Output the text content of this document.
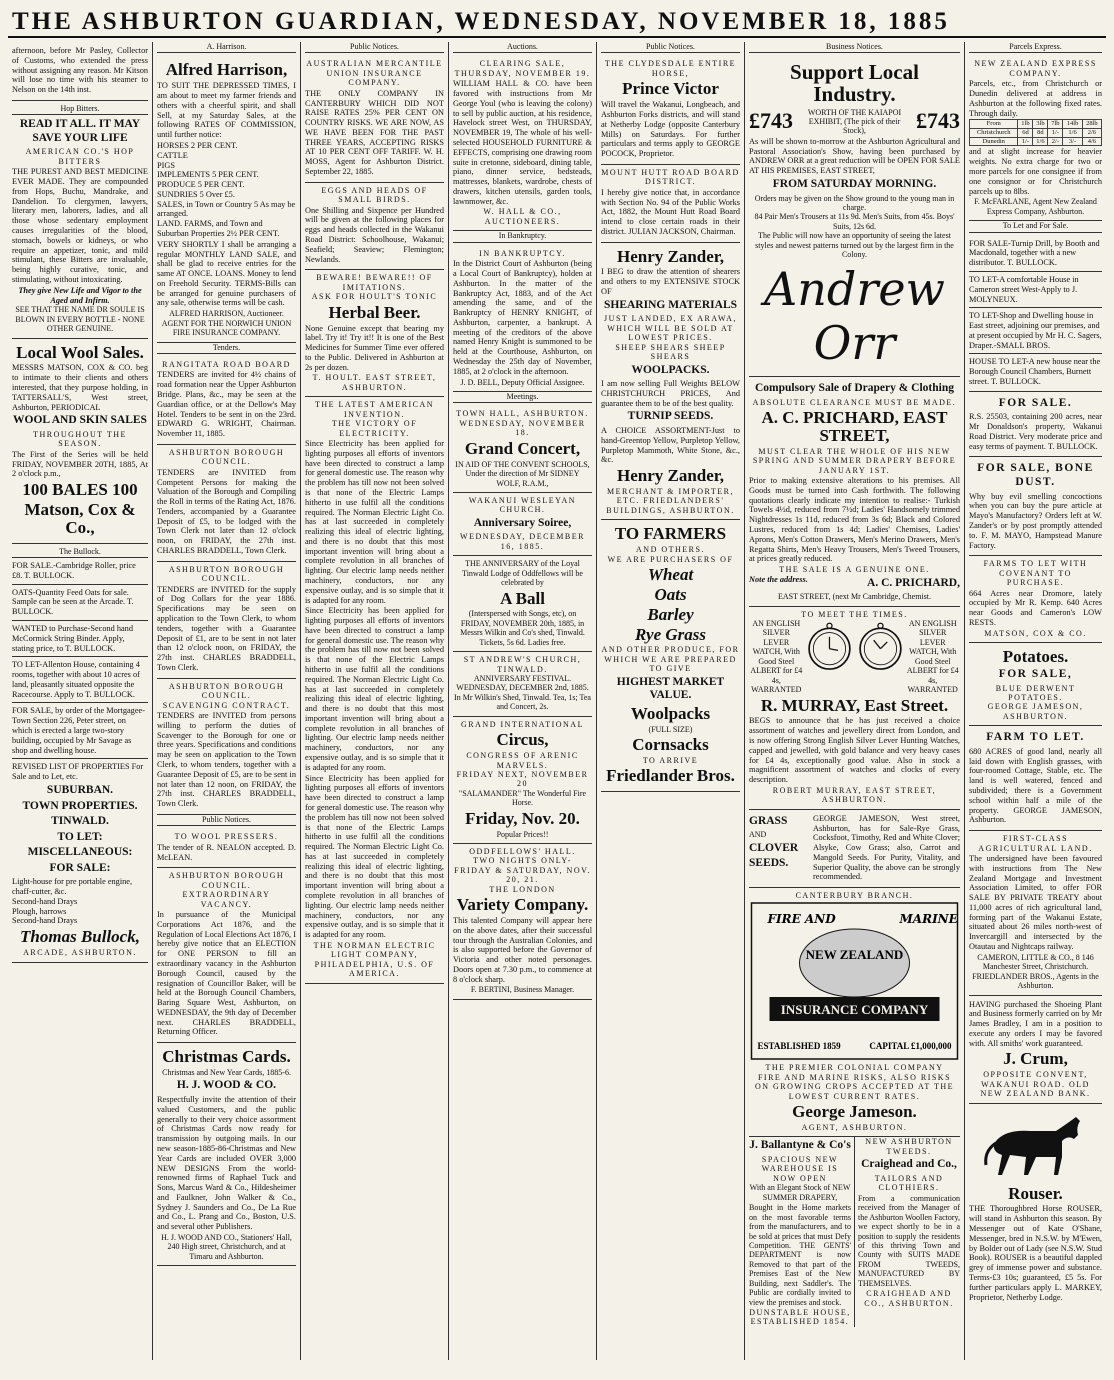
THE ASHBURTON GUARDIAN, WEDNESDAY, NOVEMBER 18, 1885

afternoon, before Mr Pasley, Collector of Customs, who extended the press without assigning any reason. Mr Kitson will lose no time with his steamer to Nelson on the 14th inst.

Hop Bitters.
READ IT ALL. IT MAY SAVE YOUR LIFE
AMERICAN CO.'S HOP BITTERS

THE PUREST AND BEST MEDICINE EVER MADE. They are compounded from Hops, Buchu, Mandrake, and Dandelion. To clergymen, lawyers, literary men, laborers, ladies, and all those whose sedentary employment causes irregularities of the blood, stomach, bowels or kidneys, or who require an appetizer, tonic, and mild stimulant, these Bitters are invaluable, being highly curative, tonic, and stimulating, without intoxicating.

They give New Life and Vigor to the Aged and Infirm.
SEE THAT THE NAME DR SOULE IS BLOWN IN EVERY BOTTLE - NONE OTHER GENUINE.
Local Wool Sales.

MESSRS MATSON, COX & CO. beg to intimate to their clients and others interested, that they purpose holding, in TATTERSALL'S, West street, Ashburton, PERIODICAL

WOOL AND SKIN SALES
THROUGHOUT THE SEASON.

The First of the Series will be held FRIDAY, NOVEMBER 20TH, 1885, At 2 o'clock p.m.,

100 BALES 100
Matson, Cox & Co.,
The Bullock.
FOR SALE.-Cambridge Roller, price £8. T. BULLOCK.
OATS-Quantity Feed Oats for sale. Sample can be seen at the Arcade. T. BULLOCK.
WANTED to Purchase-Second hand McCormick String Binder. Apply, stating price, to T. BULLOCK.
TO LET-Allenton House, containing 4 rooms, together with about 10 acres of land, pleasantly situated opposite the Racecourse. Apply to T. BULLOCK.
FOR SALE, by order of the Mortgagee-Town Section 226, Peter street, on which is erected a large two-story building, occupied by Mr Savage as shop and dwelling house.
REVISED LIST OF PROPERTIES For Sale and to Let, etc.
SUBURBAN.
TOWN PROPERTIES.
TINWALD.
TO LET:
MISCELLANEOUS:
FOR SALE:
Light-house for pre portable engine, chaff-cutter, &c.
Second-hand Drays
Plough, harrows
Second-hand Drays
Thomas Bullock,
ARCADE, ASHBURTON.
A. Harrison.
Alfred Harrison,

TO SUIT THE DEPRESSED TIMES, I am about to meet my farmer friends and others with a cheerful spirit, and shall Sell, at my Saturday Sales, at the following RATES OF COMMISSION, until further notice:

HORSES 2 PER CENT.
CATTLE
PIGS
IMPLEMENTS 5 PER CENT.
PRODUCE 5 PER CENT.
SUNDRIES 5 Over £5.
SALES, in Town or Country 5 As may be arranged.
LAND. FARMS, and Town and Suburban Properties 2½ PER CENT.

VERY SHORTLY I shall be arranging a regular MONTHLY LAND SALE, and shall be glad to receive entries for the same AT ONCE. LOANS. Money to lend on Freehold Security. TERMS-Bills can be arranged for genuine purchasers of any sale, otherwise terms will be cash.

ALFRED HARRISON, Auctioneer. AGENT FOR THE NORWICH UNION FIRE INSURANCE COMPANY.
Tenders.
RANGITATA ROAD BOARD

TENDERS are invited for 4½ chains of road formation near the Upper Ashburton Bridge. Plans, &c., may be seen at the Guardian office, or at the Dellow's May Hotel. Tenders to be sent in on the 23rd. EDWARD G. WRIGHT, Chairman. November 11, 1885.

ASHBURTON BOROUGH COUNCIL.

TENDERS are INVITED from Competent Persons for making the Valuation of the Borough and Compiling the Roll in terms of the Rating Act, 1876. Tenders, accompanied by a Guarantee Deposit of £5, to be lodged with the Town Clerk not later than 12 o'clock noon, on FRIDAY, the 27th inst. CHARLES BRADDELL, Town Clerk.

ASHBURTON BOROUGH COUNCIL.

TENDERS are INVITED for the supply of Dog Collars for the year 1886. Specifications may be seen on application to the Town Clerk, to whom tenders, together with a Guarantee Deposit of £1, are to be sent in not later than 12 o'clock noon, on FRIDAY, the 27th inst. CHARLES BRADDELL, Town Clerk.

ASHBURTON BOROUGH COUNCIL.
SCAVENGING CONTRACT.

TENDERS are INVITED from persons willing to perform the duties of Scavenger to the Borough for one or three years. Specifications and conditions may be seen on application to the Town Clerk, to whom tenders, together with a Guarantee Deposit of £5, are to be sent in not later than 12 noon, on FRIDAY, the 27th inst. CHARLES BRADDELL, Town Clerk.

Public Notices.
TO WOOL PRESSERS.

The tender of R. NEALON accepted. D. McLEAN.

ASHBURTON BOROUGH COUNCIL. EXTRAORDINARY VACANCY.

In pursuance of the Municipal Corporations Act 1876, and the Regulation of Local Elections Act 1876, I hereby give notice that an ELECTION for ONE PERSON to fill an extraordinary vacancy in the Ashburton Borough Council, caused by the resignation of Councillor Baker, will be held at the Borough Council Chambers, Baring Square West, Ashburton, on WEDNESDAY, the 9th day of December next. CHARLES BRADDELL, Returning Officer.

Christmas Cards.
Christmas and New Year Cards, 1885-6.
H. J. WOOD & CO.

Respectfully invite the attention of their valued Customers, and the public generally to their very choice assortment of Christmas Cards now ready for transmission by outgoing mails. In our new season-1885-86-Christmas and New Year Cards are included OVER 3,000 NEW DESIGNS From the world-renowned firms of Raphael Tuck and Sons, Marcus Ward & Co., Hildesheimer and Faulkner, John Walker & Co., Sydney J. Saunders and Co., De La Rue and Co., L. Prang and Co., Boston, U.S. and several other Publishers.

H. J. WOOD AND CO., Stationers' Hall, 240 High street, Christchurch, and at Timaru and Ashburton.
Public Notices.
AUSTRALIAN MERCANTILE UNION INSURANCE COMPANY.

THE ONLY COMPANY IN CANTERBURY WHICH DID NOT RAISE RATES 25% PER CENT ON COUNTRY RISKS. WE ARE NOW, AS WE HAVE BEEN FOR THE PAST THREE YEARS, ACCEPTING RISKS AT 10 PER CENT OFF TARIFF. W. H. MOSS, Agent for Ashburton District. September 22, 1885.

EGGS AND HEADS OF SMALL BIRDS.

One Shilling and Sixpence per Hundred will be given at the following places for eggs and heads collected in the Wakanui Road District: Schoolhouse, Wakanui; Seafield; Seaview; Flemington; Newlands.

BEWARE! BEWARE!! OF IMITATIONS.
ASK FOR HOULT'S TONIC
Herbal Beer.

None Genuine except that bearing my label. Try it! Try it!! It is one of the Best Medicines for Summer Time ever offered to the Public. Delivered in Ashburton at 2s per dozen.

T. HOULT. EAST STREET, ASHBURTON.
THE LATEST AMERICAN INVENTION.
THE VICTORY OF ELECTRICITY.

Since Electricity has been applied for lighting purposes all efforts of inventors have been directed to construct a lamp for general domestic use. The reason why the problem has till now not been solved is that none of the Electric Lamps hitherto in use fulfil all the conditions required. The Norman Electric Light Co. has at last succeeded in completely realizing this ideal of electric lighting, and there is no doubt that this most important invention will bring about a complete revolution in all branches of lighting. Our electric lamp needs neither machinery, conductors, nor any expensive outlay, and is so simple that it is adapted for any room.

Since Electricity has been applied for lighting purposes all efforts of inventors have been directed to construct a lamp for general domestic use. The reason why the problem has till now not been solved is that none of the Electric Lamps hitherto in use fulfil all the conditions required. The Norman Electric Light Co. has at last succeeded in completely realizing this ideal of electric lighting, and there is no doubt that this most important invention will bring about a complete revolution in all branches of lighting. Our electric lamp needs neither machinery, conductors, nor any expensive outlay, and is so simple that it is adapted for any room.

Since Electricity has been applied for lighting purposes all efforts of inventors have been directed to construct a lamp for general domestic use. The reason why the problem has till now not been solved is that none of the Electric Lamps hitherto in use fulfil all the conditions required. The Norman Electric Light Co. has at last succeeded in completely realizing this ideal of electric lighting, and there is no doubt that this most important invention will bring about a complete revolution in all branches of lighting. Our electric lamp needs neither machinery, conductors, nor any expensive outlay, and is so simple that it is adapted for any room.

THE NORMAN ELECTRIC LIGHT COMPANY, PHILADELPHIA, U.S. OF AMERICA.
Auctions.
CLEARING SALE,
THURSDAY, NOVEMBER 19.

WILLIAM HALL & CO. have been favored with instructions from Mr George Youl (who is leaving the colony) to sell by public auction, at his residence, Havelock street West, on THURSDAY, NOVEMBER 19, The whole of his well-selected HOUSEHOLD FURNITURE & EFFECTS, comprising one drawing room suite in cretonne, sideboard, dining table, piano, dinner service, bedsteads, mattresses, blankets, wardrobe, chests of drawers, kitchen utensils, garden tools, lawnmower, &c.

W. HALL & CO., AUCTIONEERS.
In Bankruptcy.
IN BANKRUPTCY.

In the District Court of Ashburton (being a Local Court of Bankruptcy), holden at Ashburton. In the matter of the Bankruptcy Act, 1883, and of the Act amending the same, and of the Bankruptcy of HENRY KNIGHT, of Ashburton, carpenter, a bankrupt. A meeting of the creditors of the above named Henry Knight is summoned to be held at the Courthouse, Ashburton, on Wednesday the 25th day of November, 1885, at 2 o'clock in the afternoon.

J. D. BELL, Deputy Official Assignee.
Meetings.
TOWN HALL, ASHBURTON.
WEDNESDAY, NOVEMBER 18.
Grand Concert,
IN AID OF THE CONVENT SCHOOLS, Under the direction of Mr SIDNEY WOLF, R.A.M.,
WAKANUI WESLEYAN CHURCH.
Anniversary Soiree,
WEDNESDAY, DECEMBER 16, 1885.
THE ANNIVERSARY of the Loyal Tinwald Lodge of Oddfellows will be celebrated by
A Ball
(Interspersed with Songs, etc), on FRIDAY, NOVEMBER 20th, 1885, in Messrs Wilkin and Co's shed, Tinwald. Tickets, 5s 6d. Ladies free.
ST ANDREW'S CHURCH, TINWALD.
ANNIVERSARY FESTIVAL. WEDNESDAY, DECEMBER 2nd, 1885. In Mr Wilkin's Shed, Tinwald. Tea, 1s; Tea and Concert, 2s.
GRAND INTERNATIONAL
Circus,
CONGRESS OF ARENIC MARVELS.
FRIDAY NEXT, NOVEMBER 20
"SALAMANDER" The Wonderful Fire Horse.
Friday, Nov. 20.
Popular Prices!!
ODDFELLOWS' HALL.
TWO NIGHTS ONLY- FRIDAY & SATURDAY, NOV. 20, 21.
THE LONDON
Variety Company.

This talented Company will appear here on the above dates, after their successful tour through the Australian Colonies, and is also supported before the Governor of Victoria and other noted personages. Doors open at 7.30 p.m., to commence at 8 o'clock sharp.

F. BERTINI, Business Manager.
Public Notices.
THE CLYDESDALE ENTIRE HORSE,
Prince Victor

Will travel the Wakanui, Longbeach, and Ashburton Forks districts, and will stand at Netherby Lodge (opposite Canterbury Mills) on Saturdays. For further particulars and terms apply to GEORGE POCOCK, Proprietor.

MOUNT HUTT ROAD BOARD DISTRICT.

I hereby give notice that, in accordance with Section No. 94 of the Public Works Act, 1882, the Mount Hutt Road Board intend to close certain roads in their district. JULIAN JACKSON, Chairman.

Henry Zander,

I BEG to draw the attention of shearers and others to my EXTENSIVE STOCK OF

SHEARING MATERIALS
JUST LANDED, EX ARAWA, WHICH WILL BE SOLD AT LOWEST PRICES.
SHEEP SHEARS SHEEP SHEARS
WOOLPACKS.

I am now selling Full Weights BELOW CHRISTCHURCH PRICES, And guarantee them to be of the best quality.

TURNIP SEEDS.

A CHOICE ASSORTMENT-Just to hand-Greentop Yellow, Purpletop Yellow, Purpletop Mammoth, White Stone, &c., &c.

Henry Zander,
MERCHANT & IMPORTER, ETC. FRIEDLANDERS' BUILDINGS, ASHBURTON.
TO FARMERS
AND OTHERS.
WE ARE PURCHASERS OF
Wheat
Oats
Barley
Rye Grass
AND OTHER PRODUCE, FOR WHICH WE ARE PREPARED TO GIVE
HIGHEST MARKET VALUE.
Woolpacks
(FULL SIZE)
Cornsacks
TO ARRIVE
Friedlander Bros.
Business Notices.
Support Local Industry.
£743	WORTH OF THE KAIAPOI EXHIBIT, (The pick of their Stock),	£743

As will be shown to-morrow at the Ashburton Agricultural and Pastoral Association's Show, having been purchased by ANDREW ORR at a great reduction will be OPEN FOR SALE AT HIS PREMISES, EAST STREET,

FROM SATURDAY MORNING.
Orders may be given on the Show ground to the young man in charge.
84 Pair Men's Trousers at 11s 9d. Men's Suits, from 45s. Boys' Suits, 12s 6d.
The Public will now have an opportunity of seeing the latest styles and newest patterns turned out by the largest firm in the Colony.
Andrew Orr
Compulsory Sale of Drapery & Clothing
ABSOLUTE CLEARANCE MUST BE MADE.
A. C. PRICHARD, EAST STREET,
MUST CLEAR THE WHOLE OF HIS NEW SPRING AND SUMMER DRAPERY BEFORE JANUARY 1ST.

Prior to making extensive alterations to his premises. All Goods must be turned into Cash forthwith. The following quotations clearly indicate my intention to realise:- Turkish Towels 4½d, reduced from 7½d; Ladies' Handsomely trimmed Nightdresses 1s 11d, reduced from 3s 6d; Black and Colored Lustres, reduced from 1s 4d; Ladies' Chemises, Ladies' Aprons, Men's Cotton Drawers, Men's Merino Drawers, Men's Regatta Shirts, Men's Heavy Trousers, Men's Tweed Trousers, at prices greatly reduced.

THE SALE IS A GENUINE ONE.
Note the address.	A. C. PRICHARD,
EAST STREET, (next Mr Cambridge, Chemist.
TO MEET THE TIMES.
AN ENGLISH SILVER LEVER WATCH, With Good Steel ALBERT for £4 4s, WARRANTED
AN ENGLISH SILVER LEVER WATCH, With Good Steel ALBERT for £4 4s, WARRANTED
R. MURRAY, East Street.

BEGS to announce that he has just received a choice assortment of watches and jewellery direct from London, and is now offering Strong English Silver Lever Hunting Watches, capped and jewelled, with gold balance and very heavy cases for £4 4s, exceptionally good value. Also in stock a magnificent assortment of watches and clocks of every description.

ROBERT MURRAY, EAST STREET, ASHBURTON.
GRASS
AND
CLOVER
SEEDS.

GEORGE JAMESON, West street, Ashburton, has for Sale-Rye Grass, Cocksfoot, Timothy, Red and White Clover; Alsyke, Cow Grass; also, Carrot and Mangold Seeds. For Purity, Vitality, and Superior Quality, the above can be strongly recommended.

CANTERBURY BRANCH.
FIRE AND	MARINE
NEW ZEALAND
INSURANCE COMPANY
ESTABLISHED 1859	CAPITAL £1,000,000
THE PREMIER COLONIAL COMPANY
FIRE AND MARINE RISKS, ALSO RISKS ON GROWING CROPS ACCEPTED AT THE LOWEST CURRENT RATES.
George Jameson.
AGENT, ASHBURTON.
J. Ballantyne & Co's
SPACIOUS NEW WAREHOUSE IS NOW OPEN
With an Elegant Stock of NEW SUMMER DRAPERY,

Bought in the Home markets on the most favorable terms from the manufacturers, and to be sold at prices that must Defy Competition. THE GENTS' DEPARTMENT is now Removed to that part of the Premises East of the New Building, next Saddler's. The Public are cordially invited to view the premises and stock.

DUNSTABLE HOUSE, ESTABLISHED 1854.
NEW ASHBURTON TWEEDS.
Craighead and Co.,
TAILORS AND CLOTHIERS.

From a communication received from the Manager of the Ashburton Woollen Factory, we expect shortly to be in a position to supply the residents of this thriving Town and County with SUITS MADE FROM TWEEDS, MANUFACTURED BY THEMSELVES.

CRAIGHEAD AND CO., ASHBURTON.
Parcels Express.
NEW ZEALAND EXPRESS COMPANY.

Parcels, etc., from Christchurch or Dunedin delivered at address in Ashburton at the following fixed rates. Through daily.

From	1lb	3lb	7lb	14lb	28lb
Christchurch	6d	8d	1/-	1/6	2/6
Dunedin	1/-	1/6	2/-	3/-	4/6

and at slight increase for heavier weights. No extra charge for two or more parcels for one consignee if from one consignor or for Christchurch parcels up to 8lbs.

F. McFARLANE, Agent New Zealand Express Company, Ashburton.
To Let and For Sale.
FOR SALE-Turnip Drill, by Booth and Macdonald, together with a new distributor. T. BULLOCK.
TO LET-A comfortable House in Cameron street West-Apply to J. MOLYNEUX.
TO LET-Shop and Dwelling house in East street, adjoining our premises, and at present occupied by Mr H. C. Sagers, Draper.-SMALL BROS.
HOUSE TO LET-A new house near the Borough Council Chambers, Burnett street. T. BULLOCK.
FOR SALE.

R.S. 25503, containing 200 acres, near Mr Donaldson's property, Wakanui Road District. Very moderate price and easy terms of payment. T. BULLOCK.

FOR SALE, BONE DUST.

Why buy evil smelling concoctions when you can buy the pure article at Mayo's Manufactory? Orders left at W. Zander's or by post promptly attended to. F. M. MAYO, Hampstead Manure Factory.

FARMS TO LET WITH COVENANT TO PURCHASE.

664 Acres near Dromore, lately occupied by Mr R. Kemp. 640 Acres near Goods and Cameron's LOW RESTS.

MATSON, COX & CO.
Potatoes.
FOR SALE,
BLUE DERWENT POTATOES.
GEORGE JAMESON, ASHBURTON.
FARM TO LET.

680 ACRES of good land, nearly all laid down with English grasses, with four-roomed Cottage, Stable, etc. The land is well watered, fenced and subdivided; there is a Government school within half a mile of the property. GEORGE JAMESON, Ashburton.

FIRST-CLASS AGRICULTURAL LAND.

The undersigned have been favoured with instructions from The New Zealand Mortgage and Investment Association Limited, to offer FOR SALE BY PRIVATE TREATY about 11,000 acres of rich agricultural land, forming part of the Wakanui Estate, situated about 26 miles north-west of Invercargill and intersected by the Otautau and Nightcaps railway.

CAMERON, LITTLE & CO., 8 146 Manchester Street, Christchurch. FRIEDLANDER BROS., Agents in the Ashburton.

HAVING purchased the Shoeing Plant and Business formerly carried on by Mr James Bradley, I am in a position to execute any orders I may be favored with. All smiths' work guaranteed.

J. Crum,
OPPOSITE CONVENT, WAKANUI ROAD. OLD NEW ZEALAND BANK.
Rouser.

THE Thoroughbred Horse ROUSER, will stand in Ashburton this season. By Messenger out of Kate O'Shane, Messenger, bred in N.S.W. by M'Ewen, by Bolder out of Lady (see N.S.W. Stud Book). ROUSER is a beautiful dappled grey of immense power and substance. Terms-£3 10s; guaranteed, £5 5s. For further particulars apply L. MARKEY, Proprietor, Netherby Lodge.
